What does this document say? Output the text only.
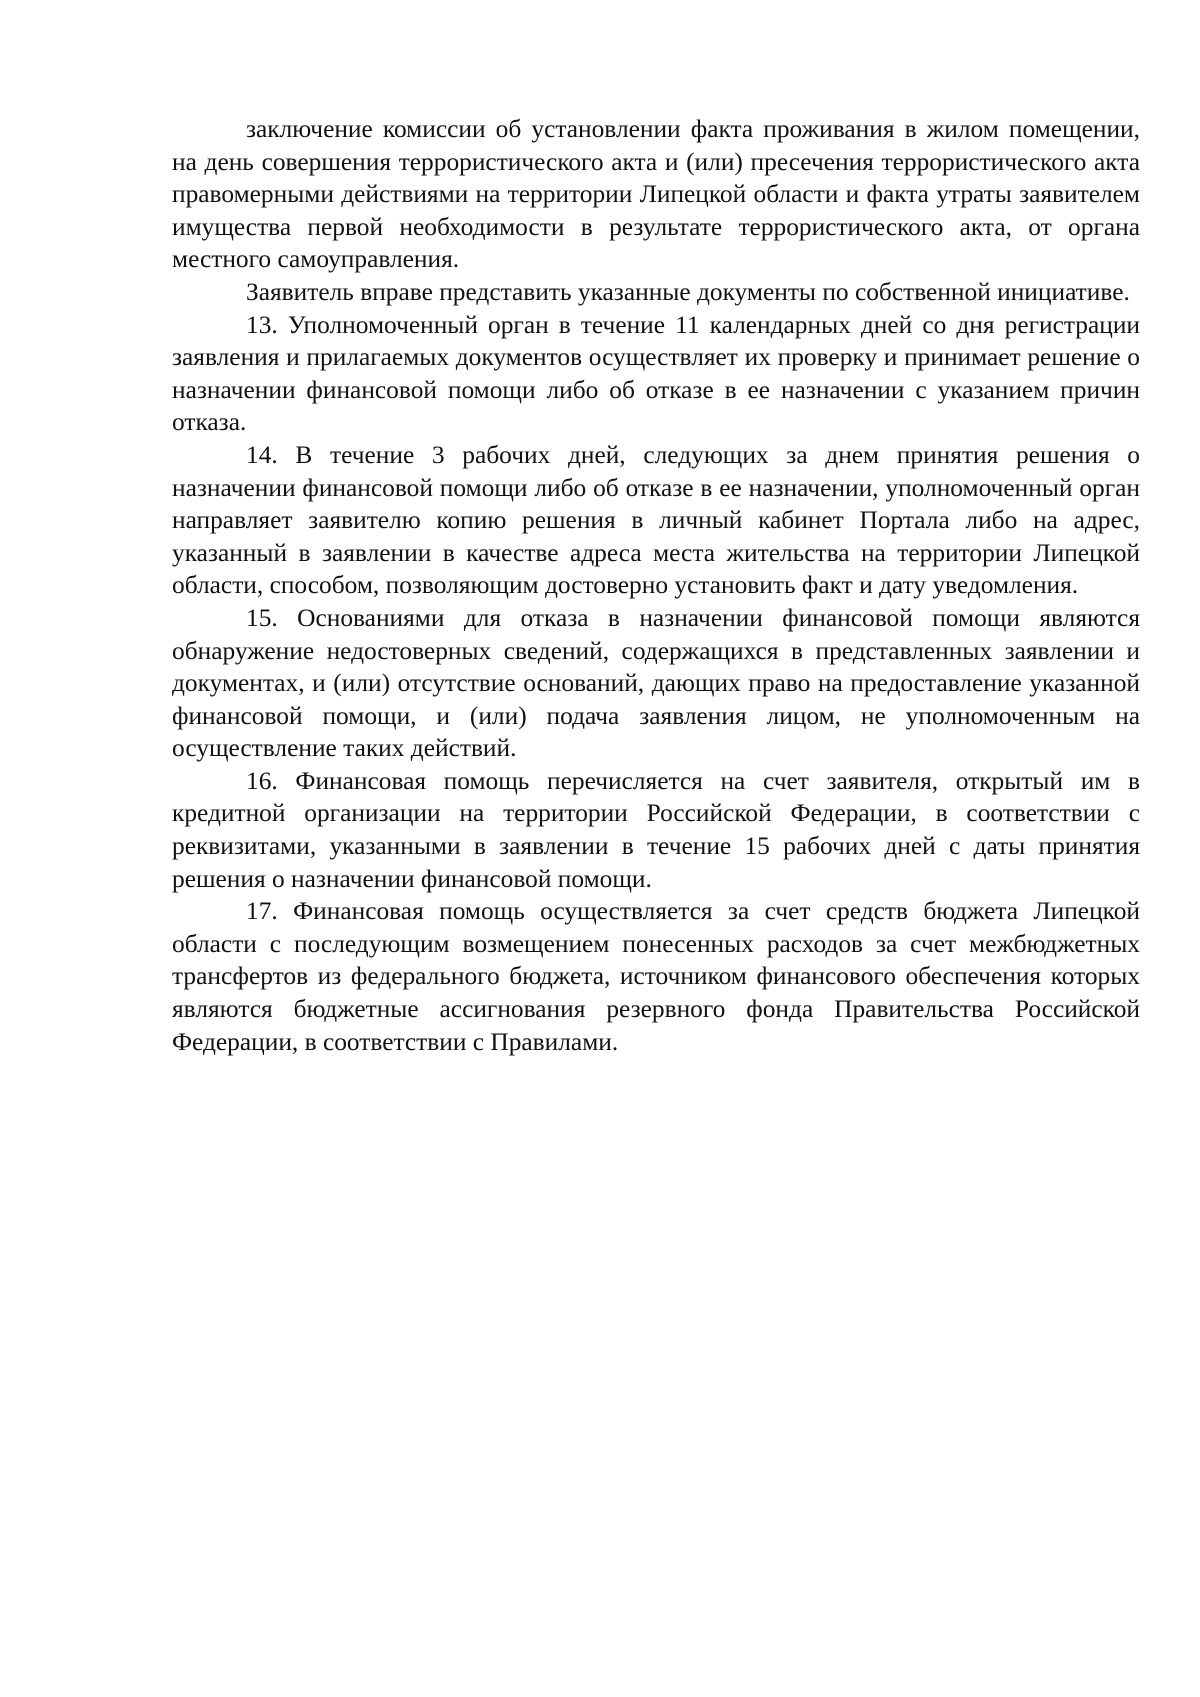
заключение комиссии об установлении факта проживания в жилом помещении, на день совершения террористического акта и (или) пресечения террористического акта правомерными действиями на территории Липецкой области и факта утраты заявителем имущества первой необходимости в результате террористического акта, от органа местного самоуправления.

Заявитель вправе представить указанные документы по собственной инициативе.

13. Уполномоченный орган в течение 11 календарных дней со дня регистрации заявления и прилагаемых документов осуществляет их проверку и принимает решение о назначении финансовой помощи либо об отказе в ее назначении с указанием причин отказа.

14. В течение 3 рабочих дней, следующих за днем принятия решения о назначении финансовой помощи либо об отказе в ее назначении, уполномоченный орган направляет заявителю копию решения в личный кабинет Портала либо на адрес, указанный в заявлении в качестве адреса места жительства на территории Липецкой области, способом, позволяющим достоверно установить факт и дату уведомления.

15. Основаниями для отказа в назначении финансовой помощи являются обнаружение недостоверных сведений, содержащихся в представленных заявлении и документах, и (или) отсутствие оснований, дающих право на предоставление указанной финансовой помощи, и (или) подача заявления лицом, не уполномоченным на осуществление таких действий.

16. Финансовая помощь перечисляется на счет заявителя, открытый им в кредитной организации на территории Российской Федерации, в соответствии с реквизитами, указанными в заявлении в течение 15 рабочих дней с даты принятия решения о назначении финансовой помощи.

17. Финансовая помощь осуществляется за счет средств бюджета Липецкой области с последующим возмещением понесенных расходов за счет межбюджетных трансфертов из федерального бюджета, источником финансового обеспечения которых являются бюджетные ассигнования резервного фонда Правительства Российской Федерации, в соответствии с Правилами.
